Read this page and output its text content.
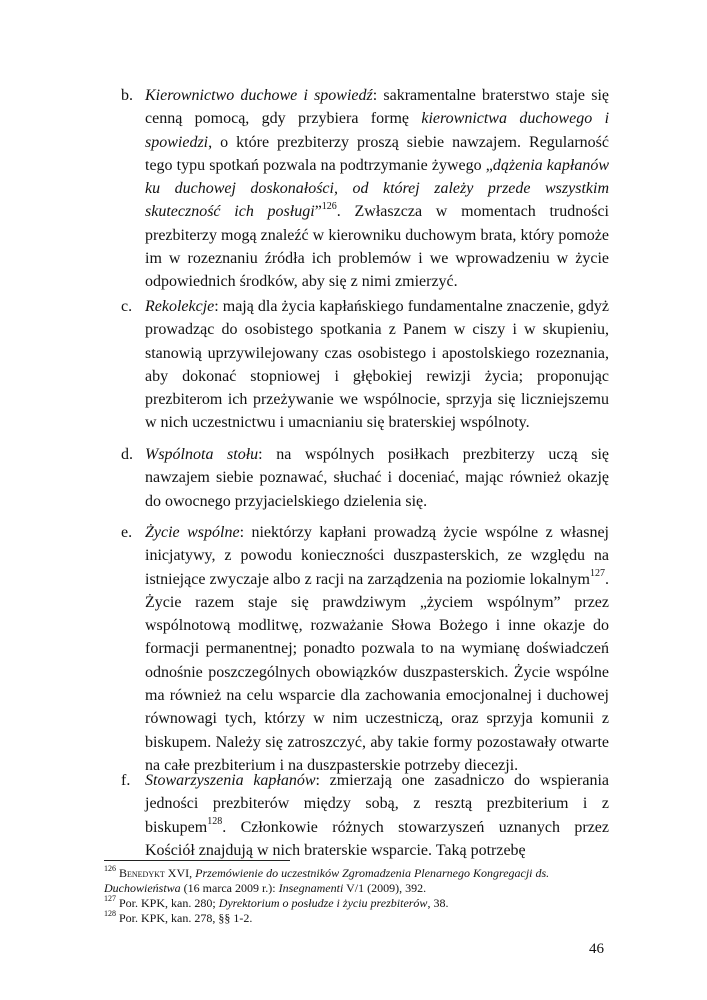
b. Kierownictwo duchowe i spowiedź: sakramentalne braterstwo staje się cenną pomocą, gdy przybiera formę kierownictwa duchowego i spowiedzi, o które prezbiterzy proszą siebie nawzajem. Regularność tego typu spotkań pozwala na podtrzymanie żywego „dążenia kapłanów ku duchowej doskonałości, od której zależy przede wszystkim skuteczność ich posługi”$^{126}$. Zwłaszcza w momentach trudności prezbiterzy mogą znaleźć w kierowniku duchowym brata, który pomoże im w rozeznaniu źródła ich problemów i we wprowadzeniu w życie odpowiednich środków, aby się z nimi zmierzyć.
c. Rekolekcje: mają dla życia kapłańskiego fundamentalne znaczenie, gdyż prowadząc do osobistego spotkania z Panem w ciszy i w skupieniu, stanowią uprzywilejowany czas osobistego i apostolskiego rozeznania, aby dokonać stopniowej i głębokiej rewizji życia; proponując prezbiterom ich przeżywanie we wspólnocie, sprzyja się liczniejszemu w nich uczestnictwu i umacnianiu się braterskiej wspólnoty.
d. Wspólnota stołu: na wspólnych posiłkach prezbiterzy uczą się nawzajem siebie poznawać, słuchać i doceniać, mając również okazję do owocnego przyjacielskiego dzielenia się.
e. Życie wspólne: niektórzy kapłani prowadzą życie wspólne z własnej inicjatywy, z powodu konieczności duszpasterskich, ze względu na istniejące zwyczaje albo z racji na zarządzenia na poziomie lokalnym$^{127}$. Życie razem staje się prawdziwym „życiem wspólnym” przez wspólnotową modlitwę, rozważanie Słowa Bożego i inne okazje do formacji permanentnej; ponadto pozwala to na wymianę doświadczeń odnośnie poszczególnych obowiązków duszpasterskich. Życie wspólne ma również na celu wsparcie dla zachowania emocjonalnej i duchowej równowagi tych, którzy w nim uczestniczą, oraz sprzyja komunii z biskupem. Należy się zatroszczyć, aby takie formy pozostawały otwarte na całe prezbiterium i na duszpasterskie potrzeby diecezji.
f. Stowarzyszenia kapłanów: zmierzają one zasadniczo do wspierania jedności prezbiterów między sobą, z resztą prezbiterium i z biskupem$^{128}$. Członkowie różnych stowarzyszeń uznanych przez Kościół znajdują w nich braterskie wsparcie. Taką potrzebę

$^{126}$ Benedykt XVI, Przemówienie do uczestników Zgromadzenia Plenarnego Kongregacji ds. Duchowieństwa (16 marca 2009 r.): Insegnamenti V/1 (2009), 392.

$^{127}$ Por. KPK, kan. 280; Dyrektorium o posłudze i życiu prezbiterów, 38.

$^{128}$ Por. KPK, kan. 278, §§ 1-2.

46
